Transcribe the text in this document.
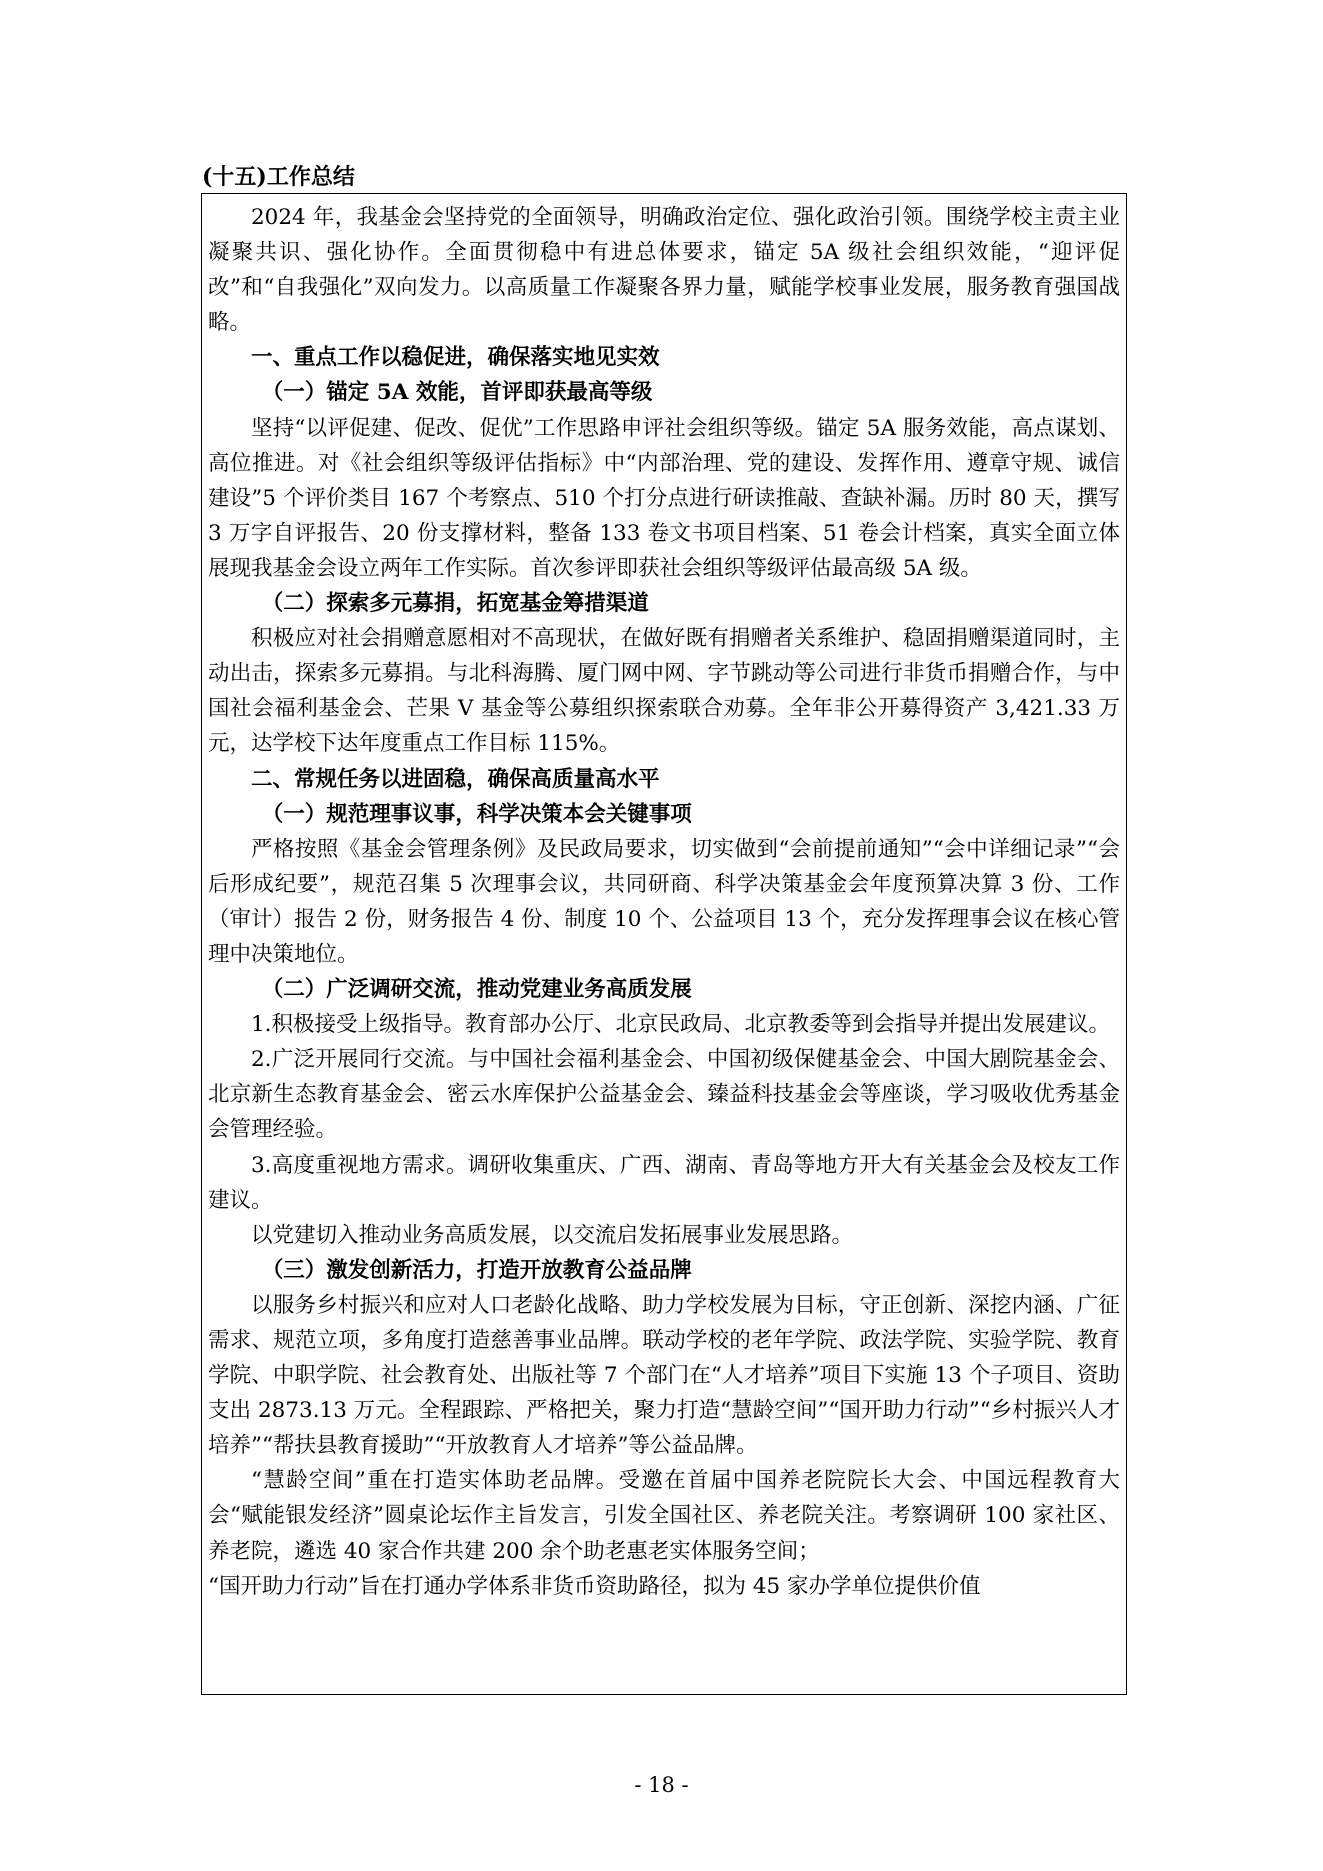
(十五)工作总结

2024 年，我基金会坚持党的全面领导，明确政治定位、强化政治引领。围绕学校主责主业凝聚共识、强化协作。全面贯彻稳中有进总体要求，锚定 5A 级社会组织效能，“迎评促改”和“自我强化”双向发力。以高质量工作凝聚各界力量，赋能学校事业发展，服务教育强国战略。

一、重点工作以稳促进，确保落实地见实效

（一）锚定 5A 效能，首评即获最高等级

坚持“以评促建、促改、促优”工作思路申评社会组织等级。锚定 5A 服务效能，高点谋划、高位推进。对《社会组织等级评估指标》中“内部治理、党的建设、发挥作用、遵章守规、诚信建设”5 个评价类目 167 个考察点、510 个打分点进行研读推敲、查缺补漏。历时 80 天，撰写 3 万字自评报告、20 份支撑材料，整备 133 卷文书项目档案、51 卷会计档案，真实全面立体展现我基金会设立两年工作实际。首次参评即获社会组织等级评估最高级 5A 级。

（二）探索多元募捐，拓宽基金筹措渠道

积极应对社会捐赠意愿相对不高现状，在做好既有捐赠者关系维护、稳固捐赠渠道同时，主动出击，探索多元募捐。与北科海腾、厦门网中网、字节跳动等公司进行非货币捐赠合作，与中国社会福利基金会、芒果 V 基金等公募组织探索联合劝募。全年非公开募得资产 3,421.33 万元，达学校下达年度重点工作目标 115%。

二、常规任务以进固稳，确保高质量高水平

（一）规范理事议事，科学决策本会关键事项

严格按照《基金会管理条例》及民政局要求，切实做到“会前提前通知”“会中详细记录”“会后形成纪要”，规范召集 5 次理事会议，共同研商、科学决策基金会年度预算决算 3 份、工作（审计）报告 2 份，财务报告 4 份、制度 10 个、公益项目 13 个，充分发挥理事会议在核心管理中决策地位。

（二）广泛调研交流，推动党建业务高质发展

1.积极接受上级指导。教育部办公厅、北京民政局、北京教委等到会指导并提出发展建议。

2.广泛开展同行交流。与中国社会福利基金会、中国初级保健基金会、中国大剧院基金会、北京新生态教育基金会、密云水库保护公益基金会、臻益科技基金会等座谈，学习吸收优秀基金会管理经验。

3.高度重视地方需求。调研收集重庆、广西、湖南、青岛等地方开大有关基金会及校友工作建议。

以党建切入推动业务高质发展，以交流启发拓展事业发展思路。

（三）激发创新活力，打造开放教育公益品牌

以服务乡村振兴和应对人口老龄化战略、助力学校发展为目标，守正创新、深挖内涵、广征需求、规范立项，多角度打造慈善事业品牌。联动学校的老年学院、政法学院、实验学院、教育学院、中职学院、社会教育处、出版社等 7 个部门在“人才培养”项目下实施 13 个子项目、资助支出 2873.13 万元。全程跟踪、严格把关，聚力打造“慧龄空间”“国开助力行动”“乡村振兴人才培养”“帮扶县教育援助”“开放教育人才培养”等公益品牌。

“慧龄空间”重在打造实体助老品牌。受邀在首届中国养老院院长大会、中国远程教育大会“赋能银发经济”圆桌论坛作主旨发言，引发全国社区、养老院关注。考察调研 100 家社区、养老院，遴选 40 家合作共建 200 余个助老惠老实体服务空间；

“国开助力行动”旨在打通办学体系非货币资助路径，拟为 45 家办学单位提供价值

- 18 -
